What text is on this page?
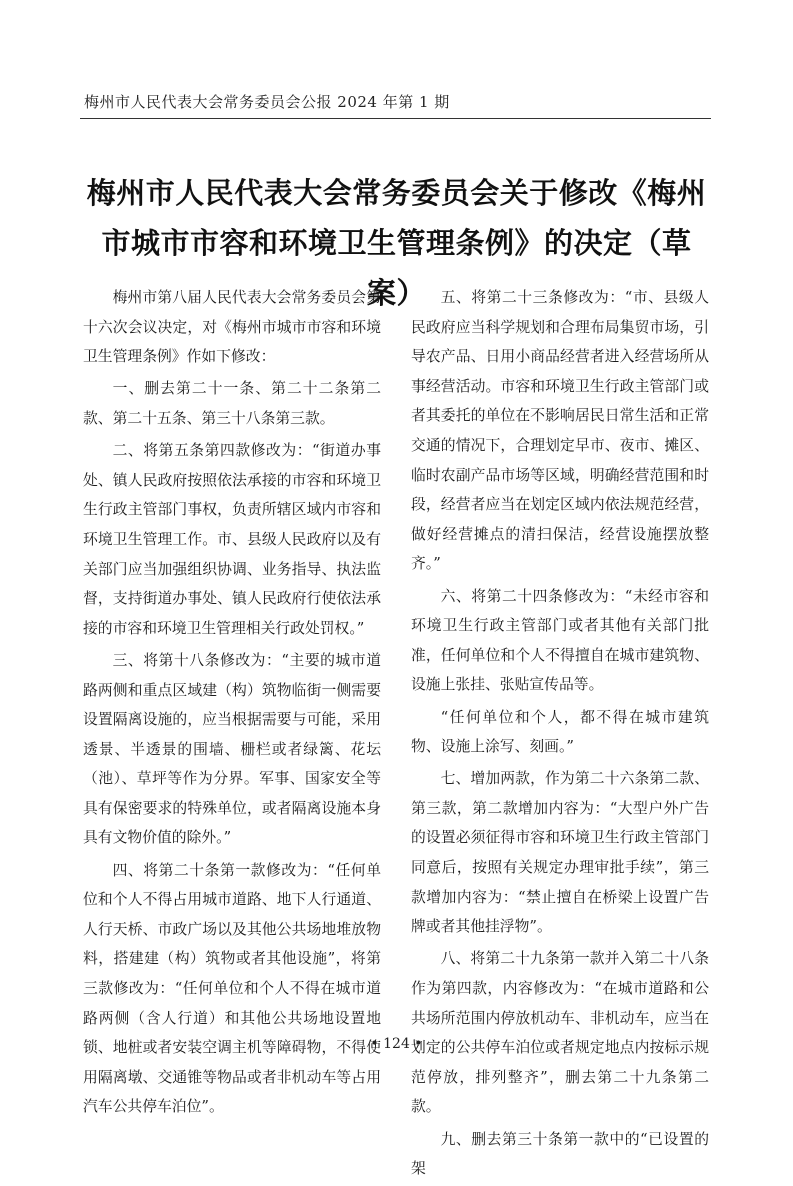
梅州市人民代表大会常务委员会公报 2024 年第 1 期
梅州市人民代表大会常务委员会关于修改《梅州市城市市容和环境卫生管理条例》的决定（草案）

梅州市第八届人民代表大会常务委员会第十六次会议决定，对《梅州市城市市容和环境卫生管理条例》作如下修改：

一、删去第二十一条、第二十二条第二款、第二十五条、第三十八条第三款。

二、将第五条第四款修改为：“街道办事处、镇人民政府按照依法承接的市容和环境卫生行政主管部门事权，负责所辖区域内市容和环境卫生管理工作。市、县级人民政府以及有关部门应当加强组织协调、业务指导、执法监督，支持街道办事处、镇人民政府行使依法承接的市容和环境卫生管理相关行政处罚权。”

三、将第十八条修改为：“主要的城市道路两侧和重点区域建（构）筑物临街一侧需要设置隔离设施的，应当根据需要与可能，采用透景、半透景的围墙、栅栏或者绿篱、花坛（池）、草坪等作为分界。军事、国家安全等具有保密要求的特殊单位，或者隔离设施本身具有文物价值的除外。”

四、将第二十条第一款修改为：“任何单位和个人不得占用城市道路、地下人行通道、人行天桥、市政广场以及其他公共场地堆放物料，搭建建（构）筑物或者其他设施”，将第三款修改为：“任何单位和个人不得在城市道路两侧（含人行道）和其他公共场地设置地锁、地桩或者安装空调主机等障碍物，不得使用隔离墩、交通锥等物品或者非机动车等占用汽车公共停车泊位”。

五、将第二十三条修改为：“市、县级人民政府应当科学规划和合理布局集贸市场，引导农产品、日用小商品经营者进入经营场所从事经营活动。市容和环境卫生行政主管部门或者其委托的单位在不影响居民日常生活和正常交通的情况下，合理划定早市、夜市、摊区、临时农副产品市场等区域，明确经营范围和时段，经营者应当在划定区域内依法规范经营，做好经营摊点的清扫保洁，经营设施摆放整齐。”

六、将第二十四条修改为：“未经市容和环境卫生行政主管部门或者其他有关部门批准，任何单位和个人不得擅自在城市建筑物、设施上张挂、张贴宣传品等。

“任何单位和个人，都不得在城市建筑物、设施上涂写、刻画。”

七、增加两款，作为第二十六条第二款、第三款，第二款增加内容为：“大型户外广告的设置必须征得市容和环境卫生行政主管部门同意后，按照有关规定办理审批手续”，第三款增加内容为：“禁止擅自在桥梁上设置广告牌或者其他挂浮物”。

八、将第二十九条第一款并入第二十八条作为第四款，内容修改为：“在城市道路和公共场所范围内停放机动车、非机动车，应当在划定的公共停车泊位或者规定地点内按标示规范停放，排列整齐”，删去第二十九条第二款。

九、删去第三十条第一款中的“已设置的架

• 124 •
